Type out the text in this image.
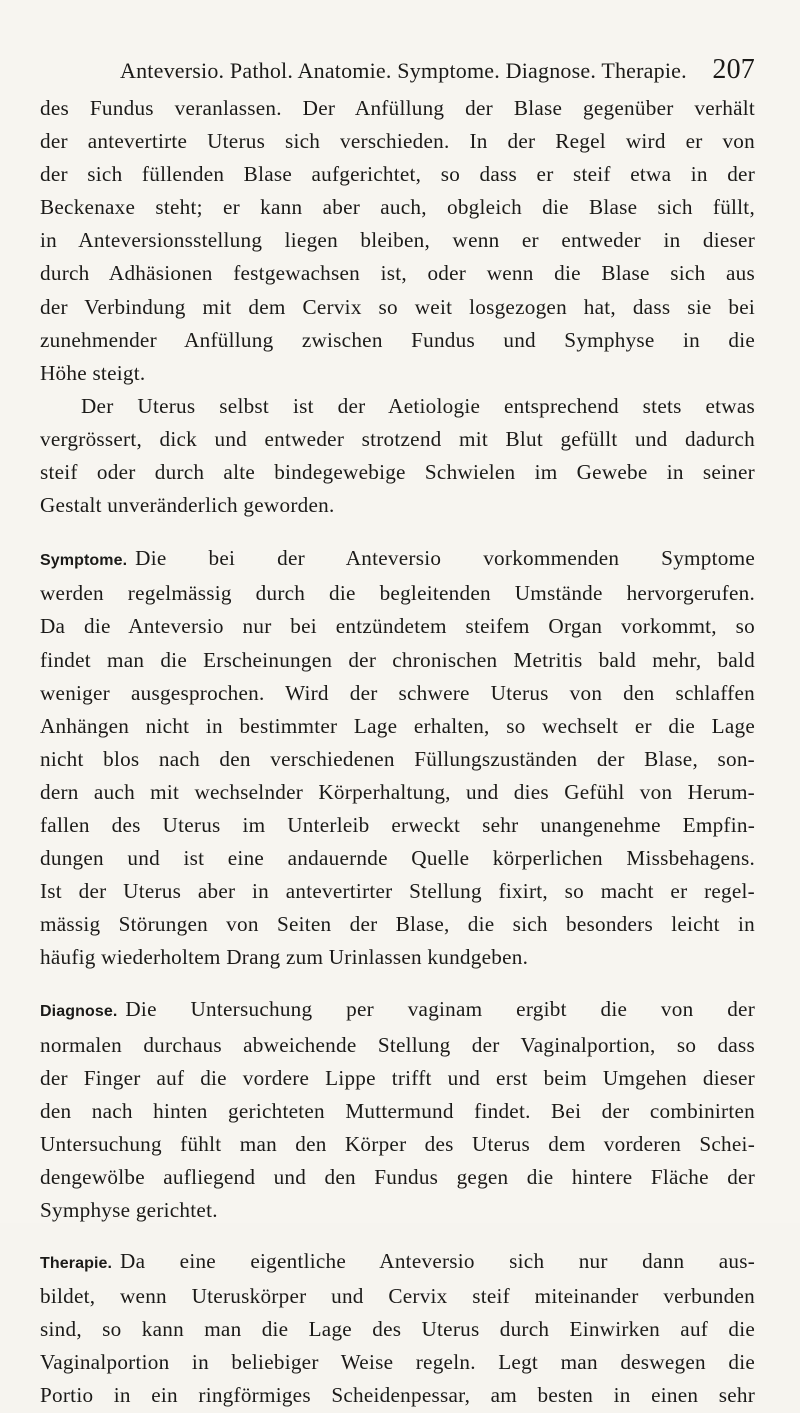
Anteversio. Pathol. Anatomie. Symptome. Diagnose. Therapie. 207
des Fundus veranlassen. Der Anfüllung der Blase gegenüber verhält
der antevertirte Uterus sich verschieden. In der Regel wird er von
der sich füllenden Blase aufgerichtet, so dass er steif etwa in der
Beckenaxe steht; er kann aber auch, obgleich die Blase sich füllt,
in Anteversionsstellung liegen bleiben, wenn er entweder in dieser
durch Adhäsionen festgewachsen ist, oder wenn die Blase sich aus
der Verbindung mit dem Cervix so weit losgezogen hat, dass sie bei
zunehmender Anfüllung zwischen Fundus und Symphyse in die
Höhe steigt.
Der Uterus selbst ist der Aetiologie entsprechend stets etwas
vergrössert, dick und entweder strotzend mit Blut gefüllt und dadurch
steif oder durch alte bindegewebige Schwielen im Gewebe in seiner
Gestalt unveränderlich geworden.
Symptome. Die bei der Anteversio vorkommenden Symptome
werden regelmässig durch die begleitenden Umstände hervorgerufen.
Da die Anteversio nur bei entzündetem steifem Organ vorkommt, so
findet man die Erscheinungen der chronischen Metritis bald mehr, bald
weniger ausgesprochen. Wird der schwere Uterus von den schlaffen
Anhängen nicht in bestimmter Lage erhalten, so wechselt er die Lage
nicht blos nach den verschiedenen Füllungszuständen der Blase, son-
dern auch mit wechselnder Körperhaltung, und dies Gefühl von Herum-
fallen des Uterus im Unterleib erweckt sehr unangenehme Empfin-
dungen und ist eine andauernde Quelle körperlichen Missbehagens.
Ist der Uterus aber in antevertirter Stellung fixirt, so macht er regel-
mässig Störungen von Seiten der Blase, die sich besonders leicht in
häufig wiederholtem Drang zum Urinlassen kundgeben.
Diagnose. Die Untersuchung per vaginam ergibt die von der
normalen durchaus abweichende Stellung der Vaginalportion, so dass
der Finger auf die vordere Lippe trifft und erst beim Umgehen dieser
den nach hinten gerichteten Muttermund findet. Bei der combinirten
Untersuchung fühlt man den Körper des Uterus dem vorderen Schei-
dengewölbe aufliegend und den Fundus gegen die hintere Fläche der
Symphyse gerichtet.
Therapie. Da eine eigentliche Anteversio sich nur dann aus-
bildet, wenn Uteruskörper und Cervix steif miteinander verbunden
sind, so kann man die Lage des Uterus durch Einwirken auf die
Vaginalportion in beliebiger Weise regeln. Legt man deswegen die
Portio in ein ringförmiges Scheidenpessar, am besten in einen sehr
